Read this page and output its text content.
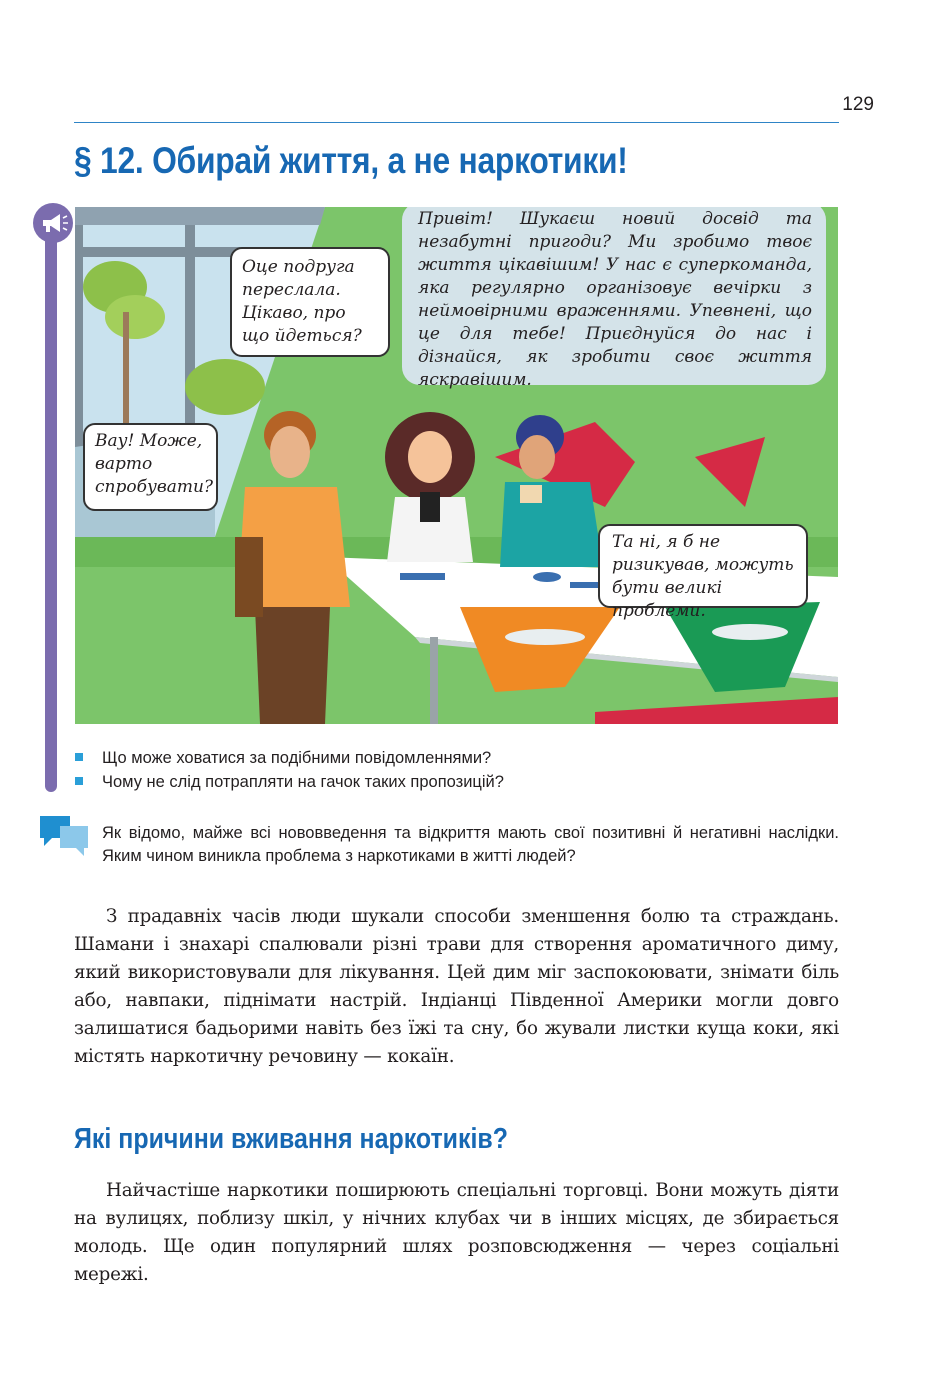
129
§ 12. Обирай життя, а не наркотики!
Оце подруга переслала. Цікаво, про що йдеться?
Привіт! Шукаєш новий досвід та незабутні пригоди? Ми зробимо твоє життя цікавішим! У нас є суперкоманда, яка регулярно організовує вечірки з неймовірними враженнями. Упевнені, що це для тебе! Приєднуйся до нас і дізнайся, як зробити своє життя яскравішим.
Вау! Може, варто спробувати?
Та ні, я б не ризикував, можуть бути великі проблеми.
Що може ховатися за подібними повідомленнями?
Чому не слід потрапляти на гачок таких пропозицій?
Як відомо, майже всі нововведення та відкриття мають свої позитивні й негативні наслідки. Яким чином виникла проблема з наркотиками в житті людей?
З прадавніх часів люди шукали способи зменшення болю та страждань. Шамани і знахарі спалювали різні трави для створення ароматичного диму, який використовували для лікування. Цей дим міг заспокоювати, знімати біль або, навпаки, піднімати настрій. Індіанці Південної Америки могли довго залишатися бадьорими навіть без їжі та сну, бо жували листки куща коки, які містять наркотичну речовину — кокаїн.
Які причини вживання наркотиків?
Найчастіше наркотики поширюють спеціальні торговці. Вони можуть діяти на вулицях, поблизу шкіл, у нічних клубах чи в інших місцях, де збирається молодь. Ще один популярний шлях розповсюдження — через соціальні мережі.
